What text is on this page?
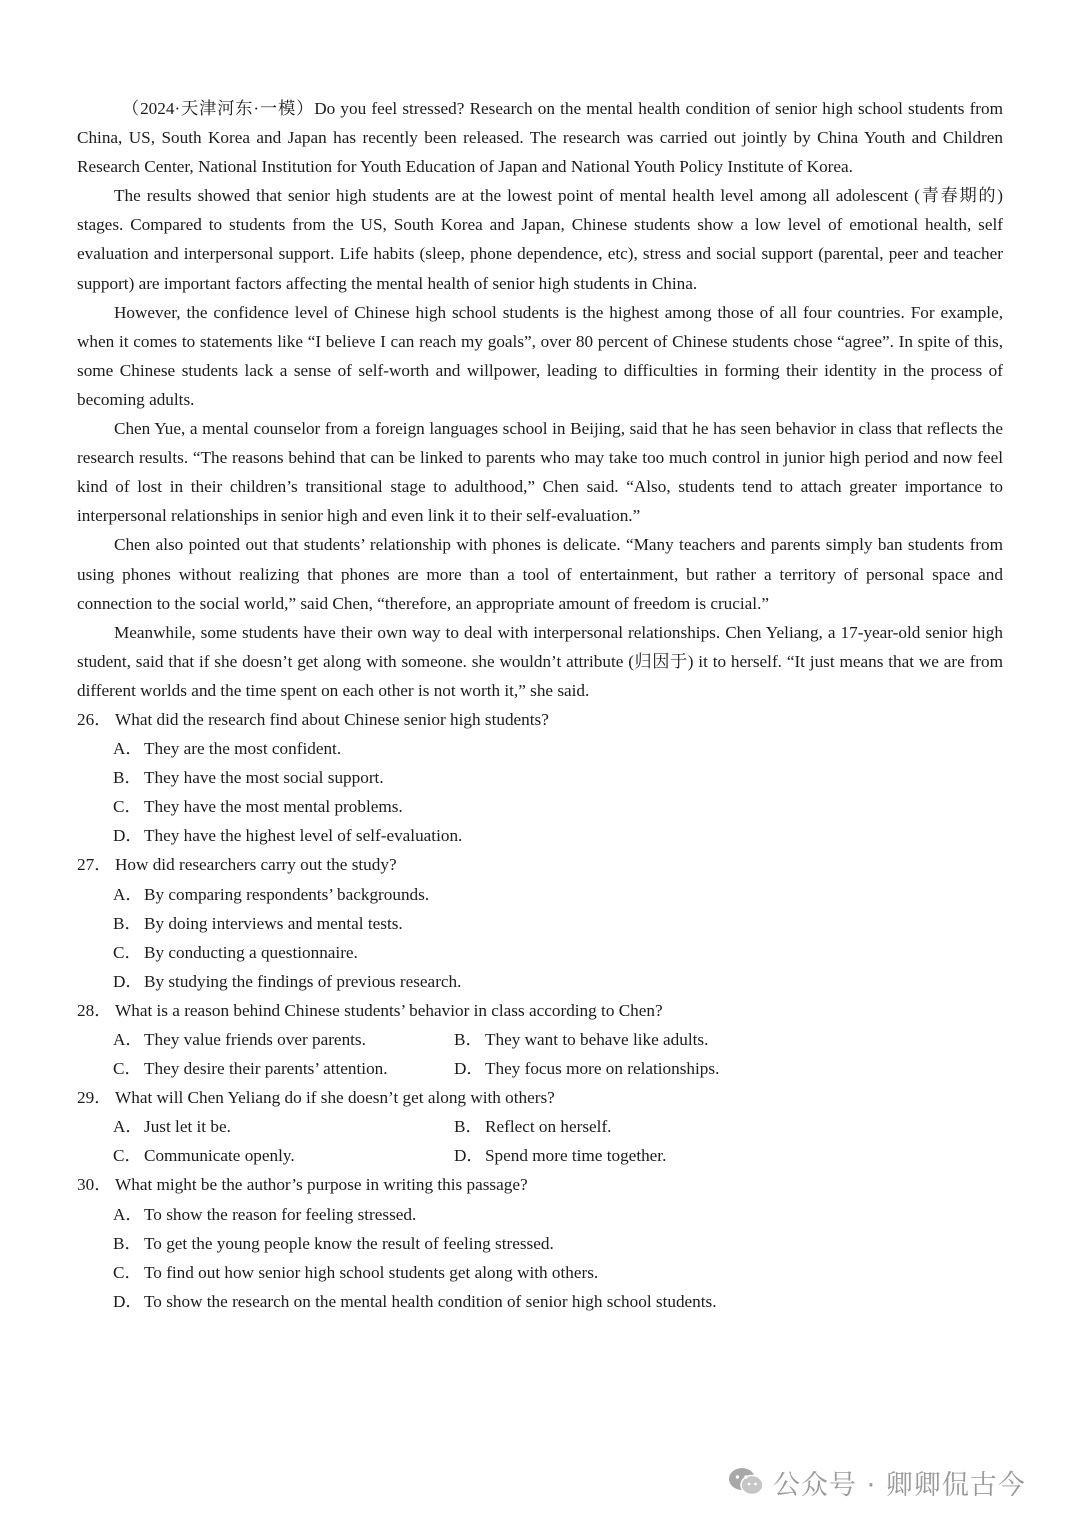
（2024·天津河东·一模）Do you feel stressed? Research on the mental health condition of senior high school students from China, US, South Korea and Japan has recently been released. The research was carried out jointly by China Youth and Children Research Center, National Institution for Youth Education of Japan and National Youth Policy Institute of Korea.

The results showed that senior high students are at the lowest point of mental health level among all adolescent (青春期的) stages. Compared to students from the US, South Korea and Japan, Chinese students show a low level of emotional health, self evaluation and interpersonal support. Life habits (sleep, phone dependence, etc), stress and social support (parental, peer and teacher support) are important factors affecting the mental health of senior high students in China.

However, the confidence level of Chinese high school students is the highest among those of all four countries. For example, when it comes to statements like “I believe I can reach my goals”, over 80 percent of Chinese students chose “agree”. In spite of this, some Chinese students lack a sense of self-worth and willpower, leading to difficulties in forming their identity in the process of becoming adults.

Chen Yue, a mental counselor from a foreign languages school in Beijing, said that he has seen behavior in class that reflects the research results. “The reasons behind that can be linked to parents who may take too much control in junior high period and now feel kind of lost in their children’s transitional stage to adulthood,” Chen said. “Also, students tend to attach greater importance to interpersonal relationships in senior high and even link it to their self-evaluation.”

Chen also pointed out that students’ relationship with phones is delicate. “Many teachers and parents simply ban students from using phones without realizing that phones are more than a tool of entertainment, but rather a territory of personal space and connection to the social world,” said Chen, “therefore, an appropriate amount of freedom is crucial.”

Meanwhile, some students have their own way to deal with interpersonal relationships. Chen Yeliang, a 17-year-old senior high student, said that if she doesn’t get along with someone. she wouldn’t attribute (归因于) it to herself. “It just means that we are from different worlds and the time spent on each other is not worth it,” she said.

26． What did the research find about Chinese senior high students?

A．They are the most confident.

B． They have the most social support.

C． They have the most mental problems.

D．They have the highest level of self-evaluation.

27． How did researchers carry out the study?

A．By comparing respondents’ backgrounds.

B． By doing interviews and mental tests.

C． By conducting a questionnaire.

D．By studying the findings of previous research.

28． What is a reason behind Chinese students’ behavior in class according to Chen?

A．They value friends over parents.	B． They want to behave like adults.
C． They desire their parents’ attention.	D．They focus more on relationships.

29． What will Chen Yeliang do if she doesn’t get along with others?

A．Just let it be.	B． Reflect on herself.
C． Communicate openly.	D．Spend more time together.

30． What might be the author’s purpose in writing this passage?

A．To show the reason for feeling stressed.

B． To get the young people know the result of feeling stressed.

C． To find out how senior high school students get along with others.

D．To show the research on the mental health condition of senior high school students.

公众号 · 卿卿侃古今
